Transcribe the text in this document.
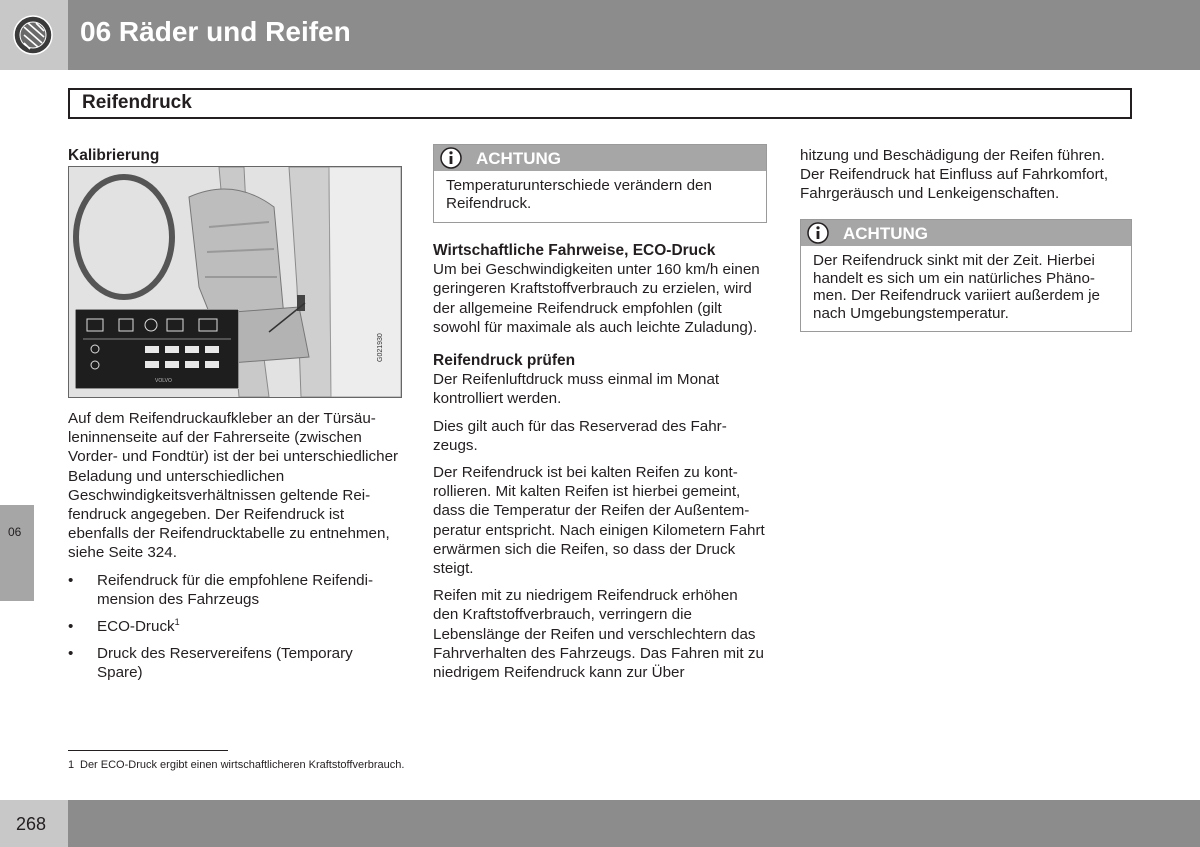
06 Räder und Reifen
Reifendruck
Kalibrierung
VOLVO
G021930

Auf dem Reifendruckaufkleber an der Türsäuleninnenseite auf der Fahrerseite (zwischen Vorder- und Fondtür) ist der bei unterschiedlicher Beladung und unterschiedlichen Geschwindigkeitsverhältnissen geltende Reifendruck angegeben. Der Reifendruck ist ebenfalls der Reifendrucktabelle zu entnehmen, siehe Seite 324.

• Reifendruck für die empfohlene Reifendimension des Fahrzeugs
• ECO-Druck$^1$
• Druck des Reservereifens (Temporary Spare)
ACHTUNG
Temperaturunterschiede verändern den Reifendruck.
Wirtschaftliche Fahrweise, ECO-Druck

Um bei Geschwindigkeiten unter 160 km/h einen geringeren Kraftstoffverbrauch zu erzielen, wird der allgemeine Reifendruck empfohlen (gilt sowohl für maximale als auch leichte Zuladung).

Reifendruck prüfen

Der Reifenluftdruck muss einmal im Monat kontrolliert werden.

Dies gilt auch für das Reserverad des Fahrzeugs.

Der Reifendruck ist bei kalten Reifen zu kontrollieren. Mit kalten Reifen ist hierbei gemeint, dass die Temperatur der Reifen der Außentemperatur entspricht. Nach einigen Kilometern Fahrt erwärmen sich die Reifen, so dass der Druck steigt.

Reifen mit zu niedrigem Reifendruck erhöhen den Kraftstoffverbrauch, verringern die Lebenslänge der Reifen und verschlechtern das Fahrverhalten des Fahrzeugs. Das Fahren mit zu niedrigem Reifendruck kann zur Über

hitzung und Beschädigung der Reifen führen. Der Reifendruck hat Einfluss auf Fahrkomfort, Fahrgeräusch und Lenkeigenschaften.

ACHTUNG
Der Reifendruck sinkt mit der Zeit. Hierbei handelt es sich um ein natürliches Phänomen. Der Reifendruck variiert außerdem je nach Umgebungstemperatur.
06
1 Der ECO-Druck ergibt einen wirtschaftlicheren Kraftstoffverbrauch.
268
